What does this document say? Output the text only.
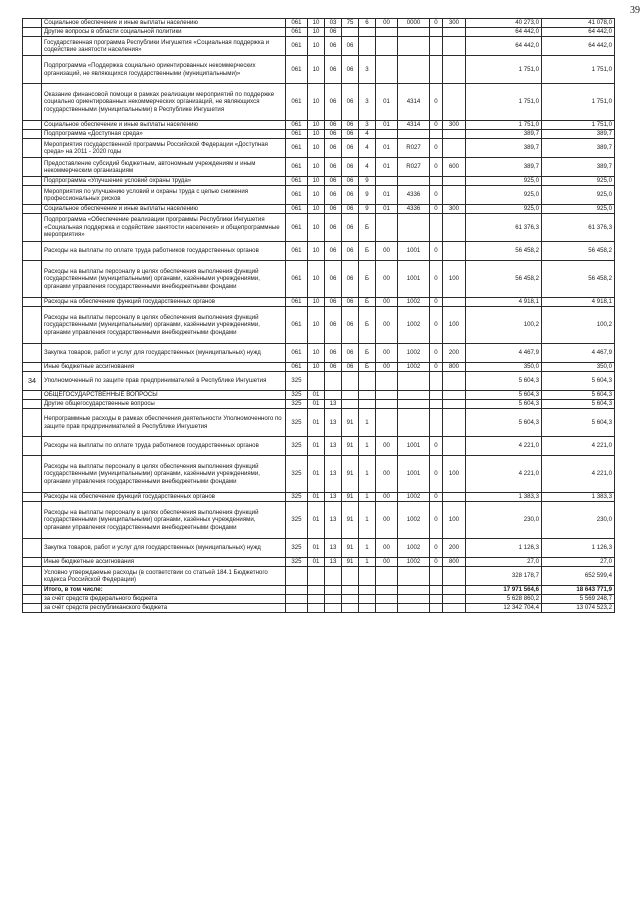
39
	Социальное обеспечение и иные выплаты населению	061	10	03	75	6	00	0000	0	300	40 273,0	41 078,0
	Другие вопросы в области социальной политики	061	10	06							64 442,0	64 442,0
	Государственная программа Республики Ингушетия «Социальная поддержка и содействие занятости населения»	061	10	06	06						64 442,0	64 442,0
	Подпрограмма «Поддержка социально ориентированных некоммерческих организаций, не являющихся государственными (муниципальными)»	061	10	06	06	3					1 751,0	1 751,0
	Оказание финансовой помощи в рамках реализации мероприятий по поддержке социально ориентированных некоммерческих организаций, не являющихся государственными (муниципальными) в Республике Ингушетия	061	10	06	06	3	01	4314	0		1 751,0	1 751,0
	Социальное обеспечение и иные выплаты населению	061	10	06	06	3	01	4314	0	300	1 751,0	1 751,0
	Подпрограмма «Доступная среда»	061	10	06	06	4					389,7	389,7
	Мероприятия государственной программы Российской Федерации «Доступная среда» на 2011 - 2020 годы	061	10	06	06	4	01	R027	0		389,7	389,7
	Предоставление субсидий бюджетным, автономным учреждениям и иным некоммерческим организациям	061	10	06	06	4	01	R027	0	600	389,7	389,7
	Подпрограмма «Улучшение условий охраны труда»	061	10	06	06	9					925,0	925,0
	Мероприятия по улучшению условий и охраны труда с целью снижения профессиональных рисков	061	10	06	06	9	01	4336	0		925,0	925,0
	Социальное обеспечение и иные выплаты населению	061	10	06	06	9	01	4336	0	300	925,0	925,0
	Подпрограмма «Обеспечение реализации программы Республики Ингушетия «Социальная поддержка и содействие занятости населения» и общепрограммные мероприятия»	061	10	06	06	Б					61 376,3	61 376,3
	Расходы на выплаты по оплате труда работников государственных органов	061	10	06	06	Б	00	1001	0		56 458,2	56 458,2
	Расходы на выплаты персоналу в целях обеспечения выполнения функций государственными (муниципальными) органами, казёнными учреждениями, органами управления государственными внебюджетными фондами	061	10	06	06	Б	00	1001	0	100	56 458,2	56 458,2
	Расходы на обеспечение функций государственных органов	061	10	06	06	Б	00	1002	0		4 918,1	4 918,1
	Расходы на выплаты персоналу в целях обеспечения выполнения функций государственными (муниципальными) органами, казёнными учреждениями, органами управления государственными внебюджетными фондами	061	10	06	06	Б	00	1002	0	100	100,2	100,2
	Закупка товаров, работ и услуг для государственных (муниципальных) нужд	061	10	06	06	Б	00	1002	0	200	4 467,9	4 467,9
	Иные бюджетные ассигнования	061	10	06	06	Б	00	1002	0	800	350,0	350,0
34	Уполномоченный по защите прав предпринимателей в Республике Ингушетия	325									5 604,3	5 604,3
	ОБЩЕГОСУДАРСТВЕННЫЕ ВОПРОСЫ	325	01								5 604,3	5 604,3
	Другие общегосударственные вопросы	325	01	13							5 604,3	5 604,3
	Непрограммные расходы в рамках обеспечения деятельности Уполномоченного по защите прав предпринимателей в Республике Ингушетия	325	01	13	91	1					5 604,3	5 604,3
	Расходы на выплаты по оплате труда работников государственных органов	325	01	13	91	1	00	1001	0		4 221,0	4 221,0
	Расходы на выплаты персоналу в целях обеспечения выполнения функций государственными (муниципальными) органами, казёнными учреждениями, органами управления государственными внебюджетными фондами	325	01	13	91	1	00	1001	0	100	4 221,0	4 221,0
	Расходы на обеспечение функций государственных органов	325	01	13	91	1	00	1002	0		1 383,3	1 383,3
	Расходы на выплаты персоналу в целях обеспечения выполнения функций государственными (муниципальными) органами, казённых учреждениями, органами управления государственными внебюджетными фондами	325	01	13	91	1	00	1002	0	100	230,0	230,0
	Закупка товаров, работ и услуг для государственных (муниципальных) нужд	325	01	13	91	1	00	1002	0	200	1 126,3	1 126,3
	Иные бюджетные ассигнования	325	01	13	91	1	00	1002	0	800	27,0	27,0
	Условно утверждаемые расходы (в соответствии со статьей 184.1 Бюджетного кодекса Российской Федерации)										328 178,7	652 599,4
	Итого, в том числе:										17 971 564,6	18 643 771,9
	за счёт средств федерального бюджета										5 628 860,2	5 569 248,7
	за счёт средств республиканского бюджета										12 342 704,4	13 074 523,2
